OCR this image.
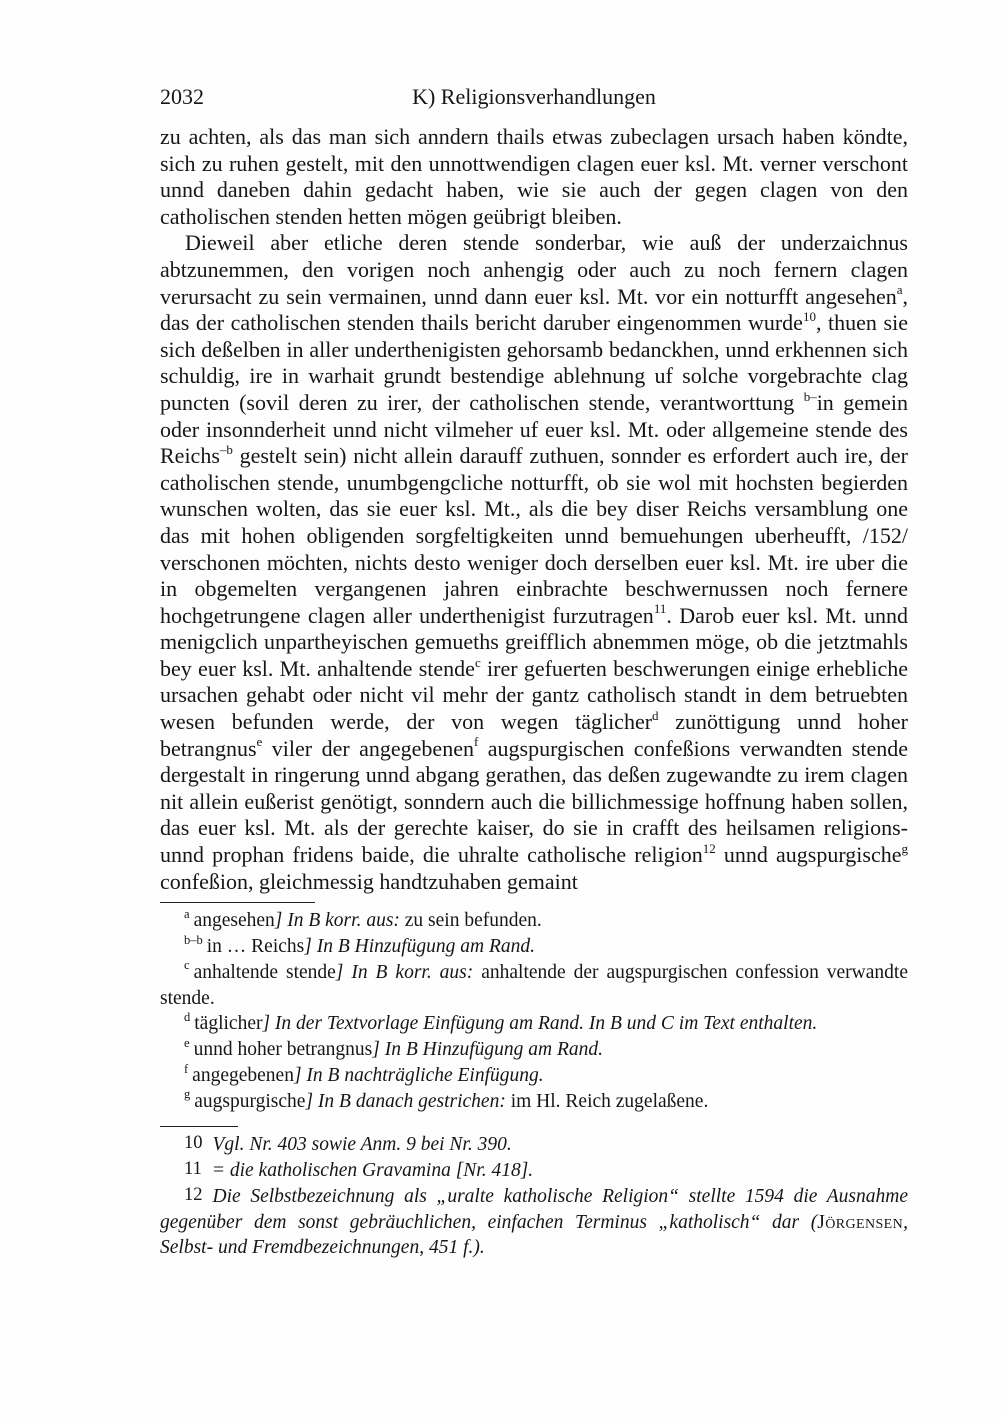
2032	K) Religionsverhandlungen

zu achten, als das man sich anndern thails etwas zubeclagen ursach haben köndte, sich zu ruhen gestelt, mit den unnottwendigen clagen euer ksl. Mt. verner verschont unnd daneben dahin gedacht haben, wie sie auch der gegen clagen von den catholischen stenden hetten mögen geübrigt bleiben.

Dieweil aber etliche deren stende sonderbar, wie auß der underzaichnus abtzunemmen, den vorigen noch anhengig oder auch zu noch fernern clagen verursacht zu sein vermainen, unnd dann euer ksl. Mt. vor ein notturfft angesehen$^a$, das der catholischen stenden thails bericht daruber eingenommen wurde$^{10}$, thuen sie sich deßelben in aller underthenigisten gehorsamb bedanckhen, unnd erkhennen sich schuldig, ire in warhait grundt bestendige ablehnung uf solche vorgebrachte clag puncten (sovil deren zu irer, der catholischen stende, verantworttung $^{b-}$in gemein oder insonnderheit unnd nicht vilmeher uf euer ksl. Mt. oder allgemeine stende des Reichs$^{-b}$ gestelt sein) nicht allein darauff zuthuen, sonnder es erfordert auch ire, der catholischen stende, unumbgengcliche notturfft, ob sie wol mit hochsten begierden wunschen wolten, das sie euer ksl. Mt., als die bey diser Reichs versamblung one das mit hohen obligenden sorgfeltigkeiten unnd bemuehungen uberheufft, /152/ verschonen möchten, nichts desto weniger doch derselben euer ksl. Mt. ire uber die in obgemelten vergangenen jahren einbrachte beschwernussen noch fernere hochgetrungene clagen aller underthenigist furzutragen$^{11}$. Darob euer ksl. Mt. unnd menigclich unpartheyischen gemueths greifflich abnemmen möge, ob die jetztmahls bey euer ksl. Mt. anhaltende stende$^c$ irer gefuerten beschwerungen einige erhebliche ursachen gehabt oder nicht vil mehr der gantz catholisch standt in dem betruebten wesen befunden werde, der von wegen täglicher$^d$ zunöttigung unnd hoher betrangnus$^e$ viler der angegebenen$^f$ augspurgischen confeßions verwandten stende dergestalt in ringerung unnd abgang gerathen, das deßen zugewandte zu irem clagen nit allein eußerist genötigt, sonndern auch die billichmessige hoffnung haben sollen, das euer ksl. Mt. als der gerechte kaiser, do sie in crafft des heilsamen religions- unnd prophan fridens baide, die uhralte catholische religion$^{12}$ unnd augspurgische$^g$ confeßion, gleichmessig handtzuhaben gemaint

$^a$ angesehen] In B korr. aus: zu sein befunden.

$^{b-b}$ in … Reichs] In B Hinzufügung am Rand.

$^c$ anhaltende stende] In B korr. aus: anhaltende der augspurgischen confession verwandte stende.

$^d$ täglicher] In der Textvorlage Einfügung am Rand. In B und C im Text enthalten.

$^e$ unnd hoher betrangnus] In B Hinzufügung am Rand.

$^f$ angegebenen] In B nachträgliche Einfügung.

$^g$ augspurgische] In B danach gestrichen: im Hl. Reich zugelaßene.

10 Vgl. Nr. 403 sowie Anm. 9 bei Nr. 390.

11 = die katholischen Gravamina [Nr. 418].

12 Die Selbstbezeichnung als „uralte katholische Religion“ stellte 1594 die Ausnahme gegenüber dem sonst gebräuchlichen, einfachen Terminus „katholisch“ dar (Jörgensen, Selbst- und Fremdbezeichnungen, 451 f.).
